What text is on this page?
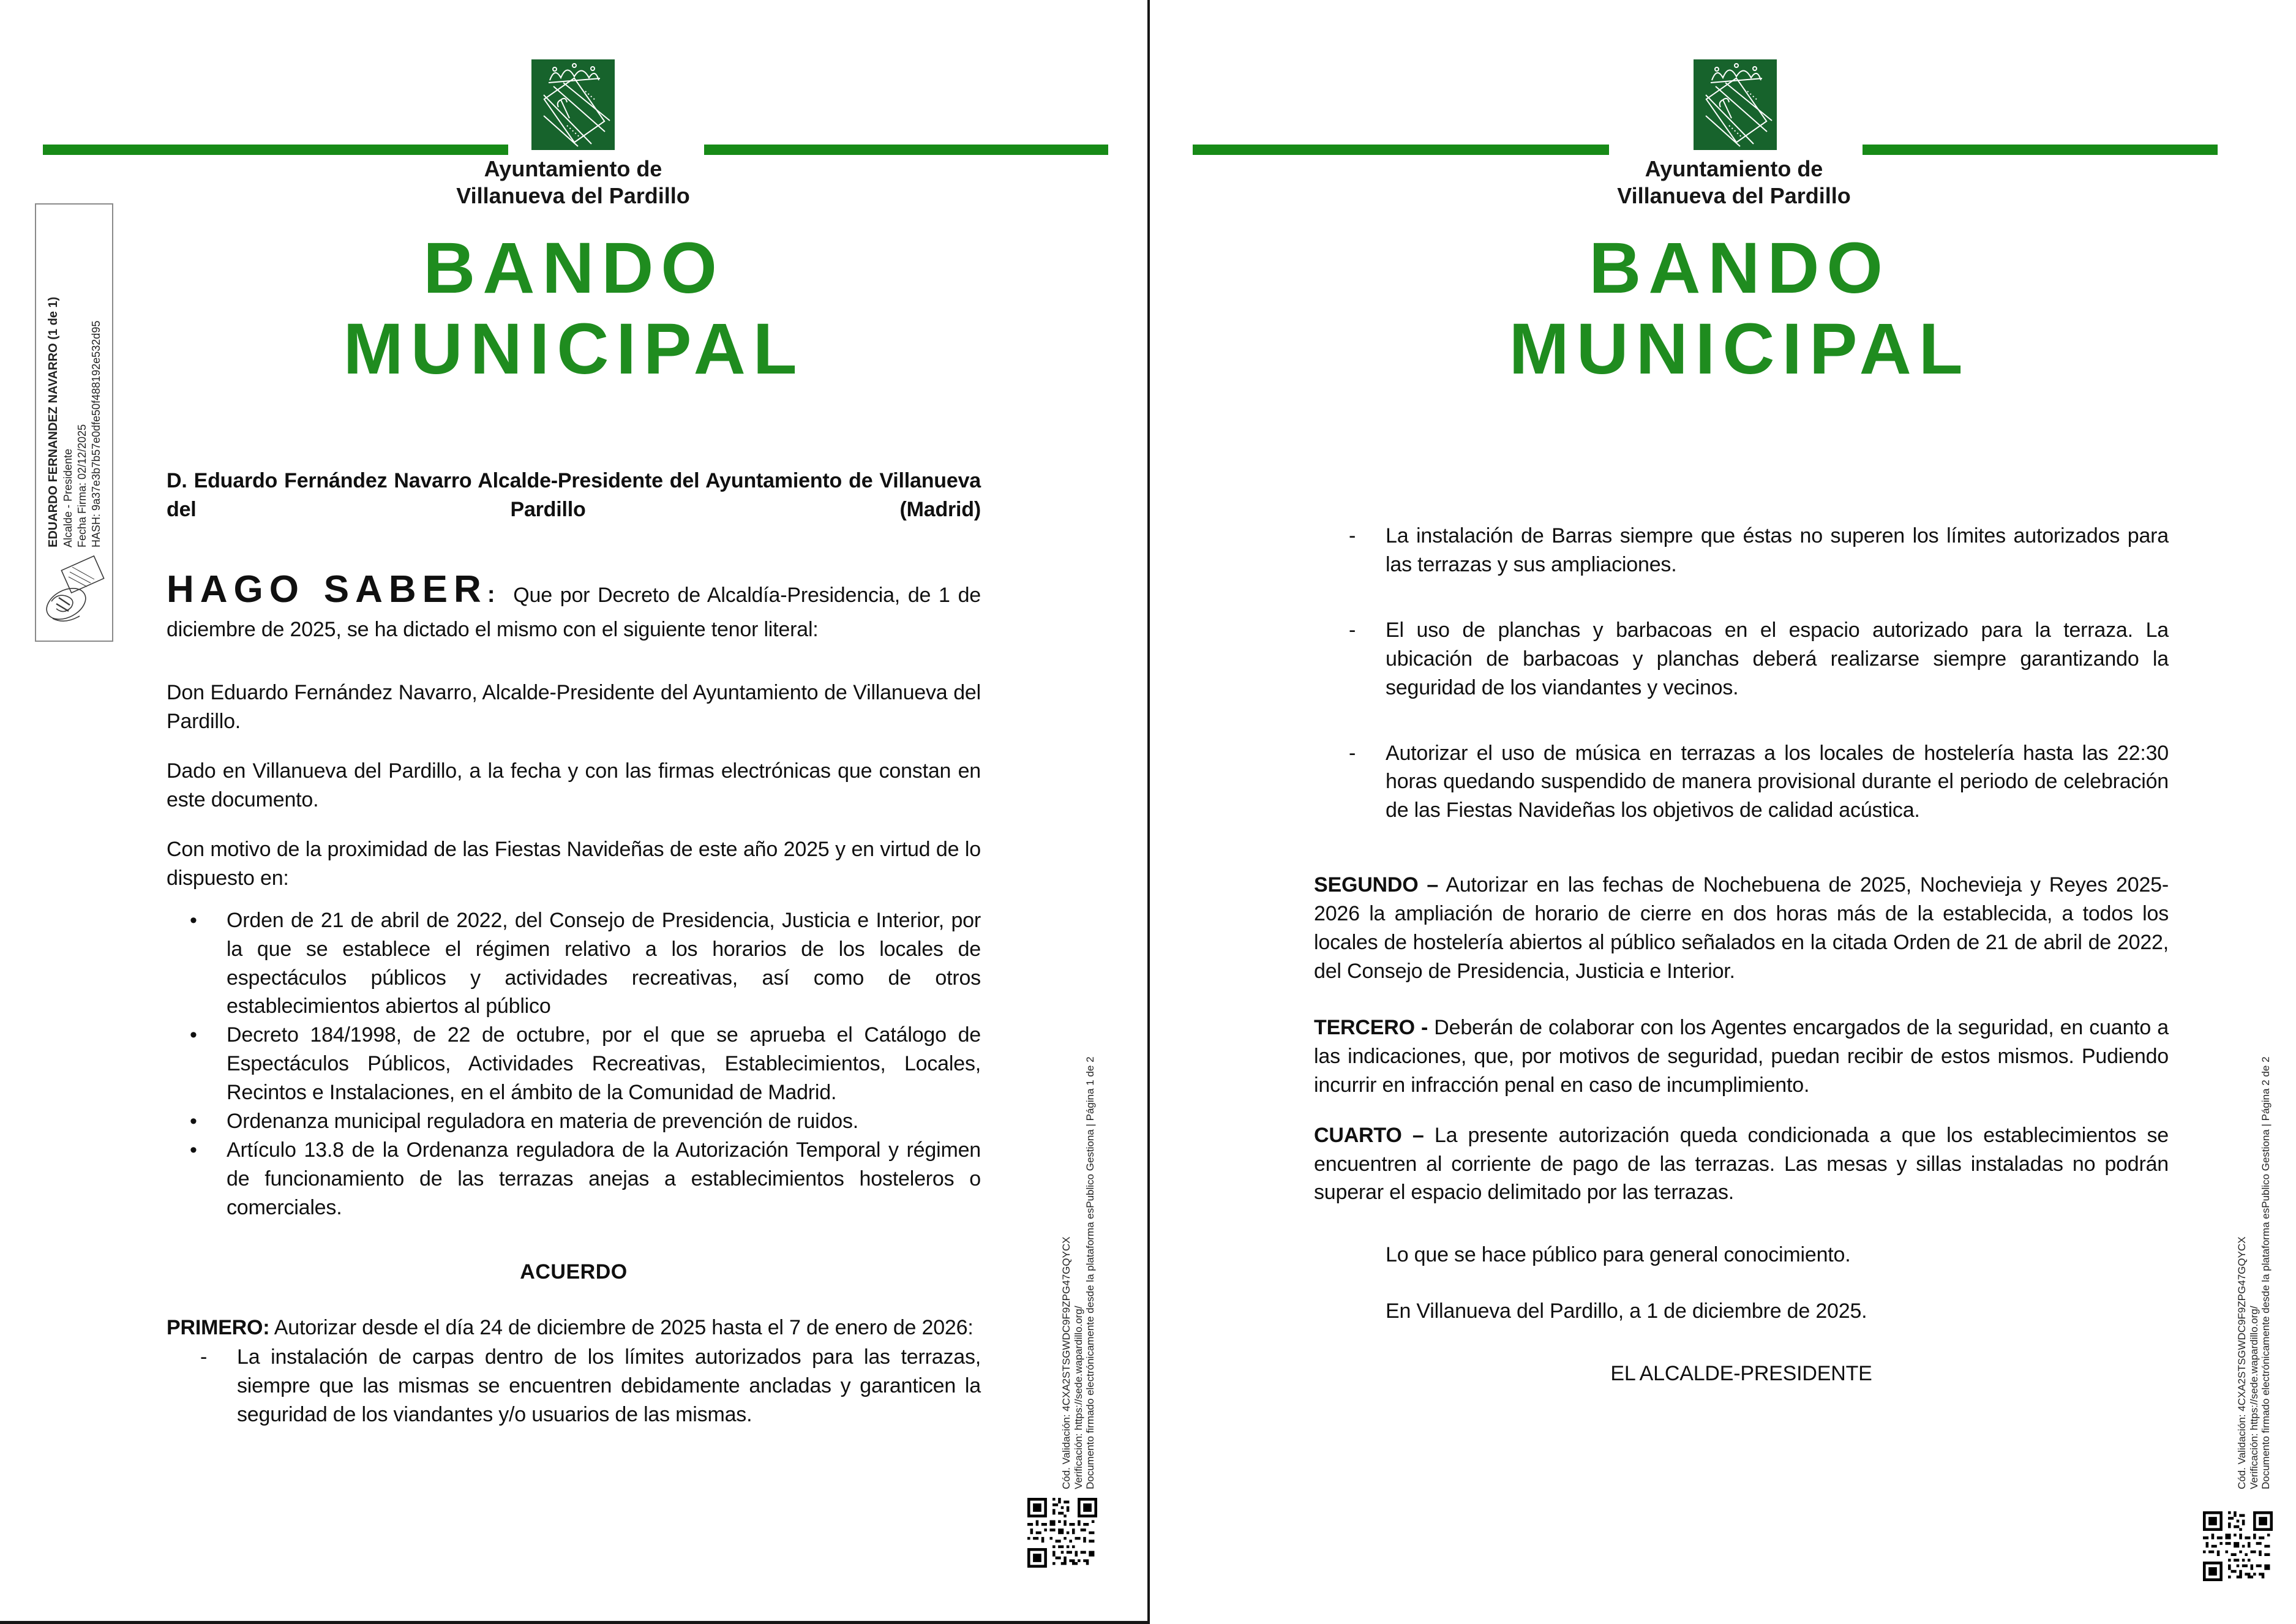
Ayuntamiento de
Villanueva del Pardillo
BANDO
MUNICIPAL

D. Eduardo Fernández Navarro Alcalde-Presidente del Ayuntamiento de Villanueva del Pardillo (Madrid)

HAGO SABER: Que por Decreto de Alcaldía-Presidencia, de 1 de diciembre de 2025, se ha dictado el mismo con el siguiente tenor literal:

Don Eduardo Fernández Navarro, Alcalde-Presidente del Ayuntamiento de Villanueva del Pardillo.

Dado en Villanueva del Pardillo, a la fecha y con las firmas electrónicas que constan en este documento.

Con motivo de la proximidad de las Fiestas Navideñas de este año 2025 y en virtud de lo dispuesto en:

• Orden de 21 de abril de 2022, del Consejo de Presidencia, Justicia e Interior, por la que se establece el régimen relativo a los horarios de los locales de espectáculos públicos y actividades recreativas, así como de otros establecimientos abiertos al público
• Decreto 184/1998, de 22 de octubre, por el que se aprueba el Catálogo de Espectáculos Públicos, Actividades Recreativas, Establecimientos, Locales, Recintos e Instalaciones, en el ámbito de la Comunidad de Madrid.
• Ordenanza municipal reguladora en materia de prevención de ruidos.
• Artículo 13.8 de la Ordenanza reguladora de la Autorización Temporal y régimen de funcionamiento de las terrazas anejas a establecimientos hosteleros o comerciales.

ACUERDO

PRIMERO: Autorizar desde el día 24 de diciembre de 2025 hasta el 7 de enero de 2026:

- La instalación de carpas dentro de los límites autorizados para las terrazas, siempre que las mismas se encuentren debidamente ancladas y garanticen la seguridad de los viandantes y/o usuarios de las mismas.
EDUARDO FERNANDEZ NAVARRO (1 de 1) Alcalde - Presidente Fecha Firma: 02/12/2025 HASH: 9a37e3b7b57e0dfe50f488192e532d95
Cód. Validación: 4CXA2STSGWDC9F9ZPG47GQYCX Verificación: https://sede.wapardillo.org/ Documento firmado electrónicamente desde la plataforma esPublico Gestiona | Página 1 de 2
Ayuntamiento de
Villanueva del Pardillo
BANDO
MUNICIPAL
- La instalación de Barras siempre que éstas no superen los límites autorizados para las terrazas y sus ampliaciones.
- El uso de planchas y barbacoas en el espacio autorizado para la terraza. La ubicación de barbacoas y planchas deberá realizarse siempre garantizando la seguridad de los viandantes y vecinos.
- Autorizar el uso de música en terrazas a los locales de hostelería hasta las 22:30 horas quedando suspendido de manera provisional durante el periodo de celebración de las Fiestas Navideñas los objetivos de calidad acústica.

SEGUNDO – Autorizar en las fechas de Nochebuena de 2025, Nochevieja y Reyes 2025-2026 la ampliación de horario de cierre en dos horas más de la establecida, a todos los locales de hostelería abiertos al público señalados en la citada Orden de 21 de abril de 2022, del Consejo de Presidencia, Justicia e Interior.

TERCERO - Deberán de colaborar con los Agentes encargados de la seguridad, en cuanto a las indicaciones, que, por motivos de seguridad, puedan recibir de estos mismos. Pudiendo incurrir en infracción penal en caso de incumplimiento.

CUARTO – La presente autorización queda condicionada a que los establecimientos se encuentren al corriente de pago de las terrazas. Las mesas y sillas instaladas no podrán superar el espacio delimitado por las terrazas.

Lo que se hace público para general conocimiento.

En Villanueva del Pardillo, a 1 de diciembre de 2025.

EL ALCALDE-PRESIDENTE	Cód. Validación: 4CXA2STSGWDC9F9ZPG47GQYCX Verificación: https://sede.wapardillo.org/ Documento firmado electrónicamente desde la plataforma esPublico Gestiona | Página 2 de 2
